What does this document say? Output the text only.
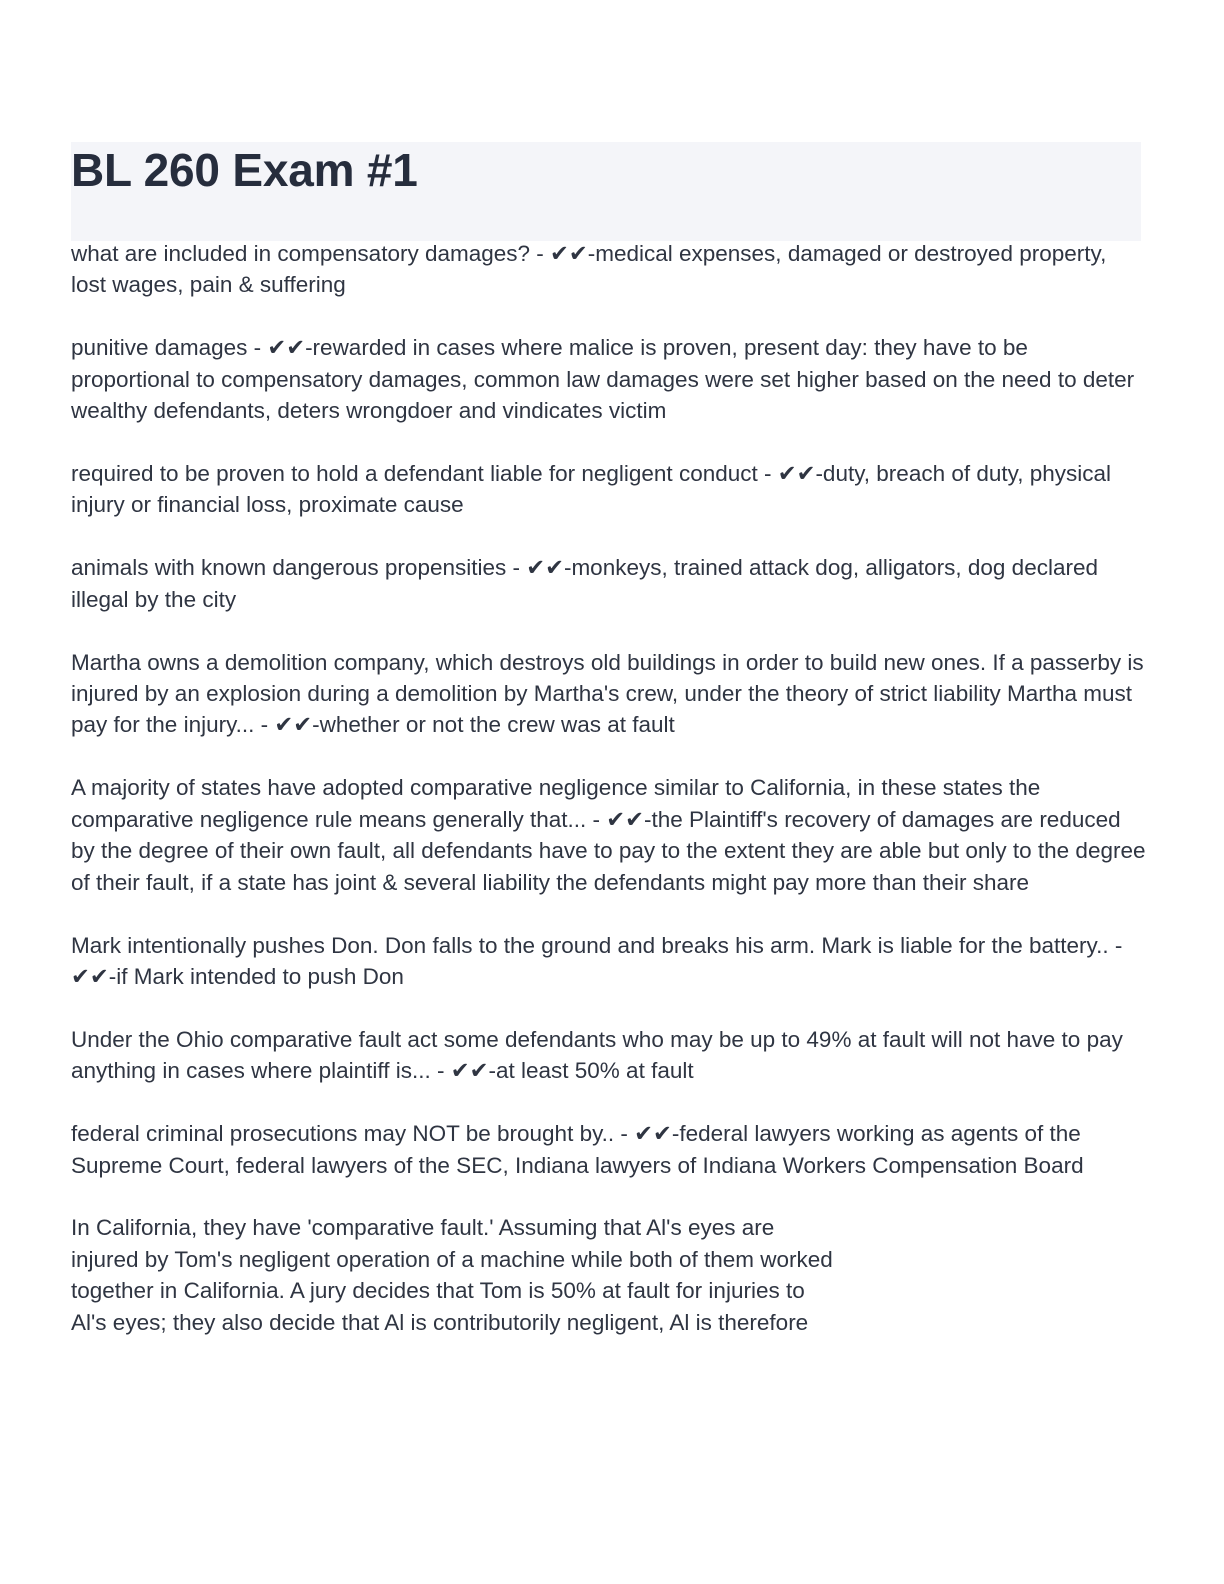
BL 260 Exam #1

what are included in compensatory damages? - ✔✔-medical expenses, damaged or destroyed property, lost wages, pain & suffering

punitive damages - ✔✔-rewarded in cases where malice is proven, present day: they have to be proportional to compensatory damages, common law damages were set higher based on the need to deter wealthy defendants, deters wrongdoer and vindicates victim

required to be proven to hold a defendant liable for negligent conduct - ✔✔-duty, breach of duty, physical injury or financial loss, proximate cause

animals with known dangerous propensities - ✔✔-monkeys, trained attack dog, alligators, dog declared illegal by the city

Martha owns a demolition company, which destroys old buildings in order to build new ones. If a passerby is injured by an explosion during a demolition by Martha's crew, under the theory of strict liability Martha must pay for the injury... - ✔✔-whether or not the crew was at fault

A majority of states have adopted comparative negligence similar to California, in these states the comparative negligence rule means generally that... - ✔✔-the Plaintiff's recovery of damages are reduced by the degree of their own fault, all defendants have to pay to the extent they are able but only to the degree of their fault, if a state has joint & several liability the defendants might pay more than their share

Mark intentionally pushes Don. Don falls to the ground and breaks his arm. Mark is liable for the battery.. - ✔✔-if Mark intended to push Don

Under the Ohio comparative fault act some defendants who may be up to 49% at fault will not have to pay anything in cases where plaintiff is... - ✔✔-at least 50% at fault

federal criminal prosecutions may NOT be brought by.. - ✔✔-federal lawyers working as agents of the Supreme Court, federal lawyers of the SEC, Indiana lawyers of Indiana Workers Compensation Board

In California, they have 'comparative fault.' Assuming that Al's eyes are
injured by Tom's negligent operation of a machine while both of them worked
together in California. A jury decides that Tom is 50% at fault for injuries to
Al's eyes; they also decide that Al is contributorily negligent, Al is therefore
